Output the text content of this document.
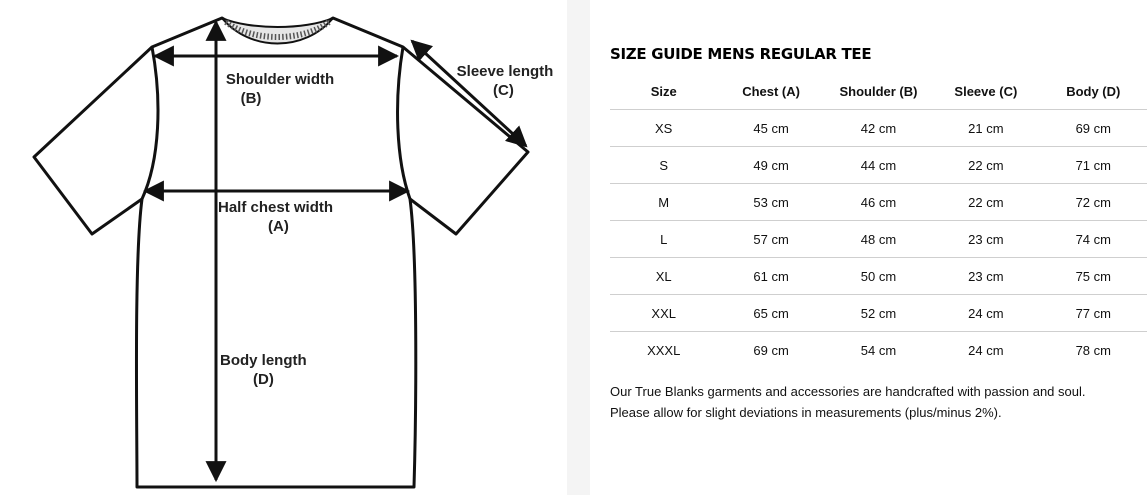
Shoulder width
(B)
Sleeve length
(C)
Half chest width
(A)
Body length
(D)
SIZE GUIDE MENS REGULAR TEE
Size	Chest (A)	Shoulder (B)	Sleeve (C)	Body (D)
XS	45 cm	42 cm	21 cm	69 cm
S	49 cm	44 cm	22 cm	71 cm
M	53 cm	46 cm	22 cm	72 cm
L	57 cm	48 cm	23 cm	74 cm
XL	61 cm	50 cm	23 cm	75 cm
XXL	65 cm	52 cm	24 cm	77 cm
XXXL	69 cm	54 cm	24 cm	78 cm

Our True Blanks garments and accessories are handcrafted with passion and soul.

Please allow for slight deviations in measurements (plus/minus 2%).
